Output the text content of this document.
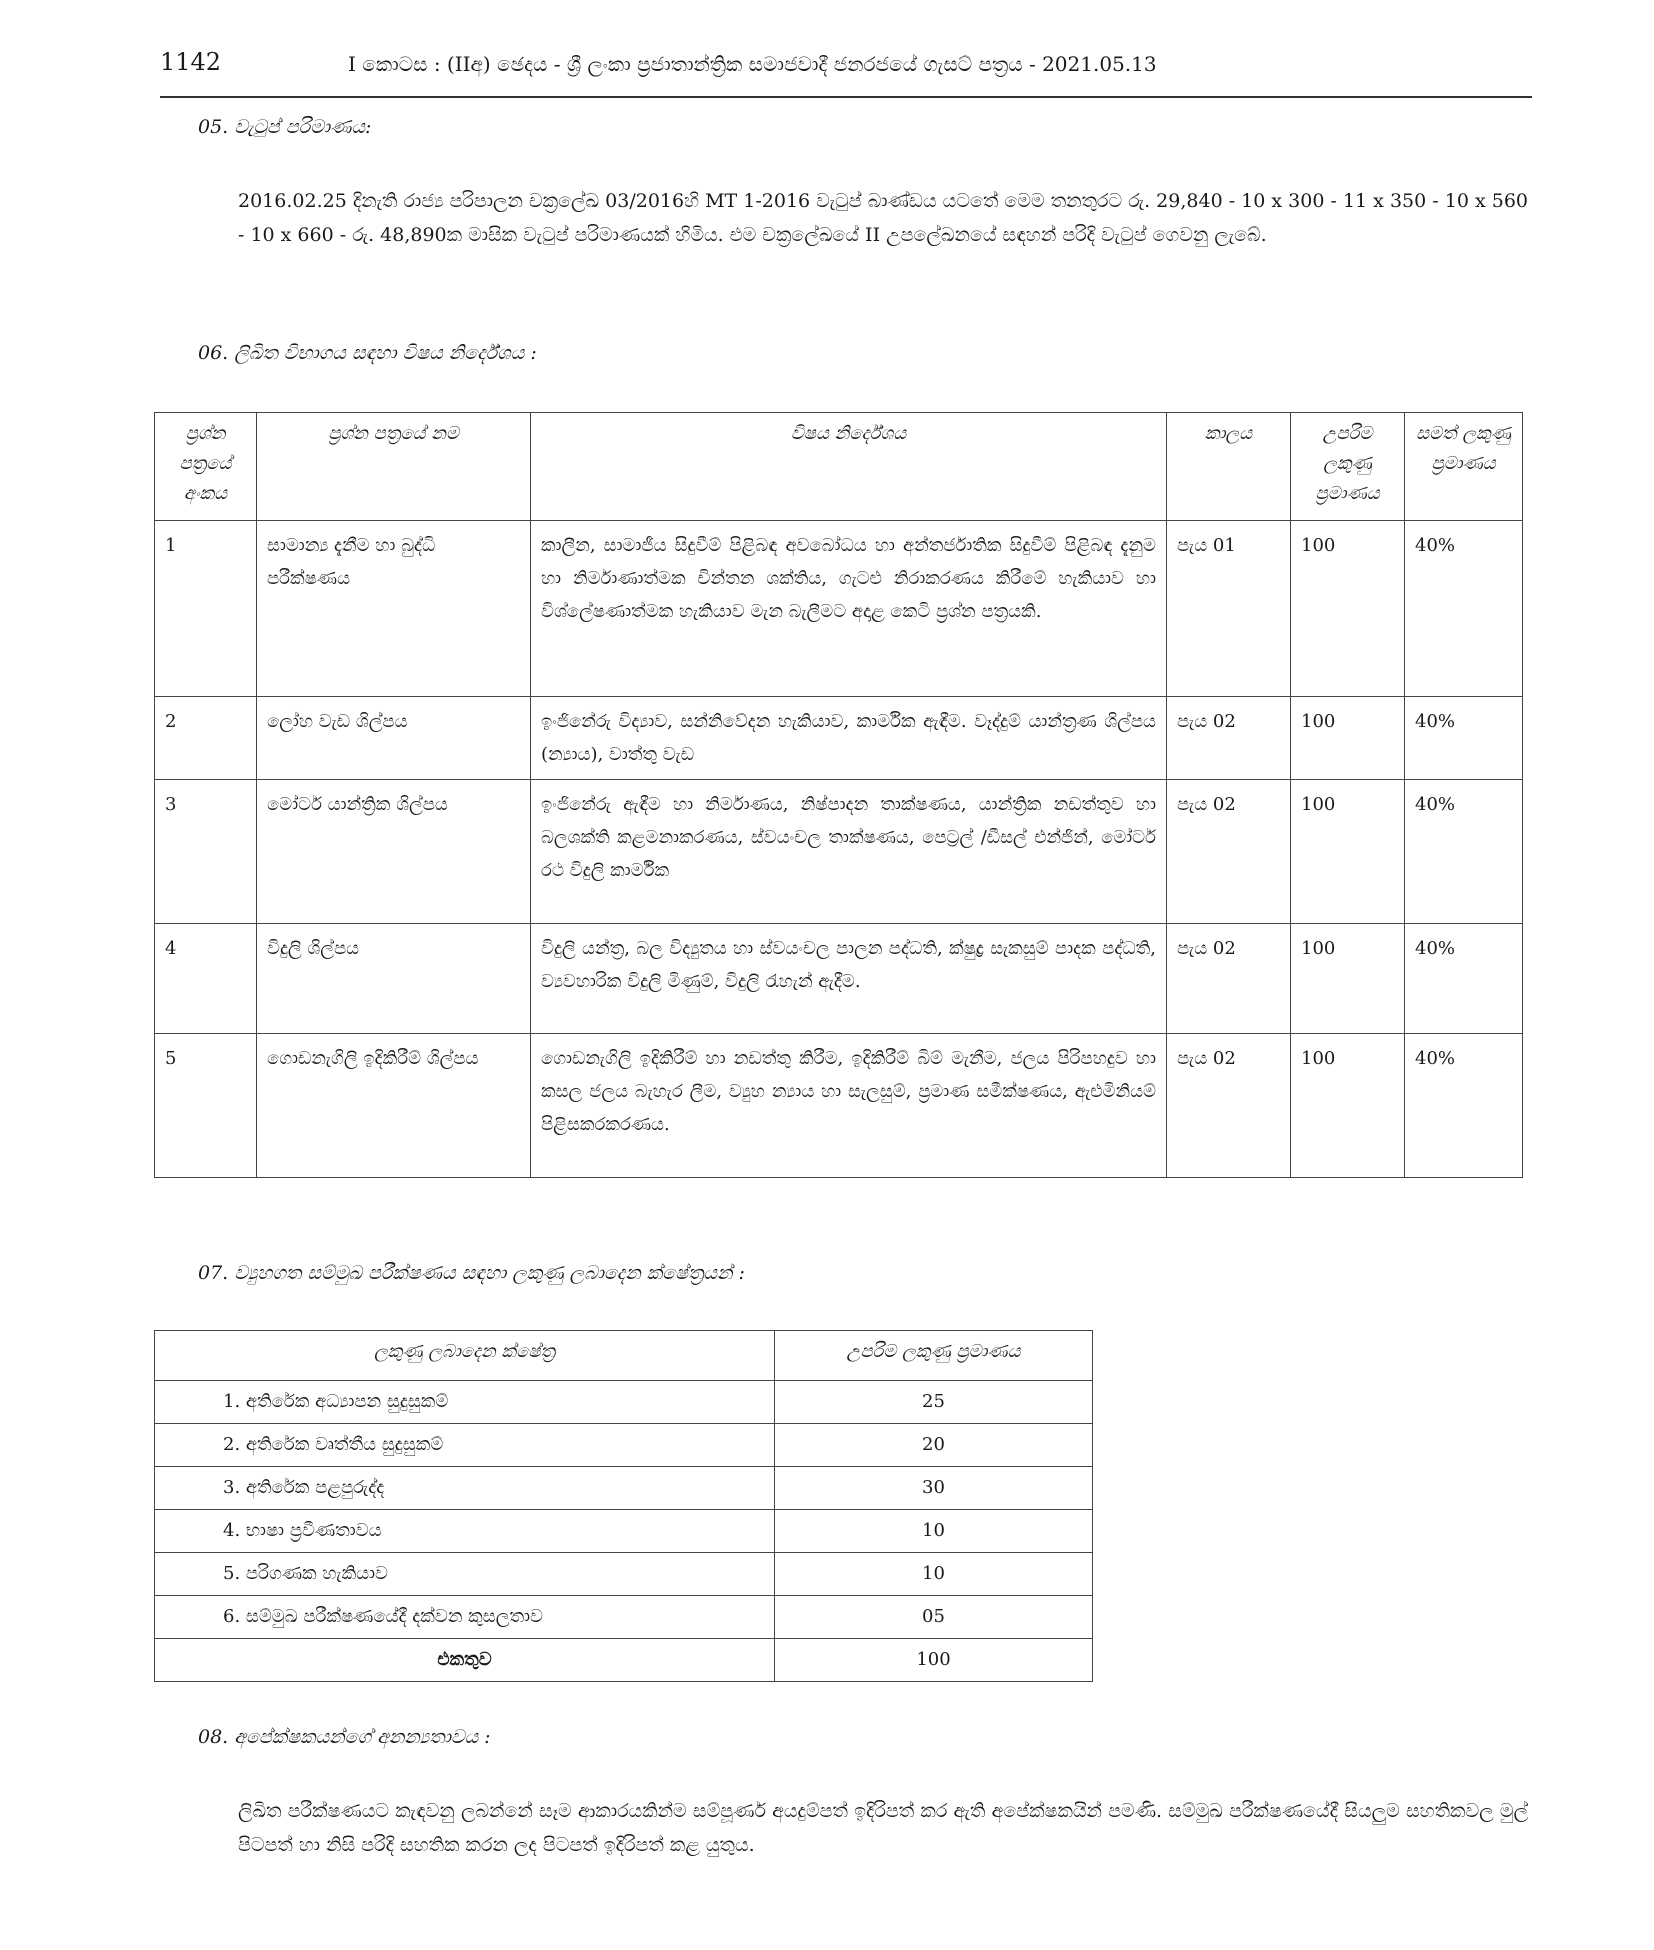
1142	I කොටස : (IIඅ) ඡෙදය - ශ්‍රී ලංකා ප්‍රජාතාන්ත්‍රික සමාජවාදී ජනරජයේ ගැසට් පත්‍රය - 2021.05.13
05. වැටුප් පරිමාණය:
2016.02.25 දිනැති රාජ්‍ය පරිපාලන චක්‍රලේඛ 03/2016හි MT 1-2016 වැටුප් බාණ්ඩය යටතේ මෙම තනතුරට රු. 29,840 - 10 x 300 - 11 x 350 - 10 x 560 - 10 x 660 - රු. 48,890ක මාසික වැටුප් පරිමාණයක් හිමිය. එම චක්‍රලේඛයේ II උපලේඛනයේ සඳහන් පරිදි වැටුප් ගෙවනු ලැබේ.
06. ලිඛිත විභාගය සඳහා විෂය නිර්දේශය :
ප්‍රශ්න පත්‍රයේ අංකය	ප්‍රශ්න පත්‍රයේ නම	විෂය නිර්දේශය	කාලය	උපරිම ලකුණු ප්‍රමාණය	සමත් ලකුණු ප්‍රමාණය
1	සාමාන්‍ය දැනීම හා බුද්ධි පරීක්ෂණය	කාලීන, සාමාජීය සිදුවීම් පිළිබඳ අවබෝධය හා අන්තර්ජාතික සිදුවීම් පිළිබඳ දැනුම හා නිර්මාණාත්මක චින්තන ශක්තිය, ගැටළු නිරාකරණය කිරීමේ හැකියාව හා විශ්ලේෂණාත්මක හැකියාව මැන බැලීමට අදාළ කෙටි ප්‍රශ්න පත්‍රයකි.	පැය 01	100	40%
2	ලෝහ වැඩ ශිල්පය	ඉංජිනේරු විද්‍යාව, සන්නිවේදන හැකියාව, කාර්මික ඇඳීම. වෑද්දුම් යාන්ත්‍රණ ශිල්පය (න්‍යාය), වාත්තු වැඩ	පැය 02	100	40%
3	මෝටර් යාන්ත්‍රික ශිල්පය	ඉංජිනේරු ඇඳීම හා නිර්මාණය, නිෂ්පාදන තාක්ෂණය, යාන්ත්‍රික නඩත්තුව හා බලශක්ති කළමනාකරණය, ස්වයංචල තාක්ෂණය, පෙට්‍රල් /ඩීසල් එන්ජින්, මෝටර් රථ විදුලි කාර්මික	පැය 02	100	40%
4	විදුලි ශිල්පය	විදුලි යන්ත්‍ර, බල විද්‍යුතය හා ස්වයංචල පාලන පද්ධති, ක්ෂුද්‍ර සැකසුම් පාදක පද්ධති, ව්‍යවහාරික විදුලි මිණුම්, විදුලි රැහැන් ඇදීම.	පැය 02	100	40%
5	ගොඩනැගිලි ඉදිකිරීම් ශිල්පය	ගොඩනැගිලි ඉදිකිරීම් හා නඩත්තු කිරීම, ඉදිකිරීම් බිම් මැනීම, ජලය පිරිපහදුව හා කසල ජලය බැහැර ලීම, ව්‍යුහ න්‍යාය හා සැලසුම්, ප්‍රමාණ සමීක්ෂණය, ඇළුමිනියම් පිළිසකරකරණය.	පැය 02	100	40%
07. ව්‍යුහගත සම්මුඛ පරීක්ෂණය සඳහා ලකුණු ලබාදෙන ක්ෂේත්‍රයන් :
ලකුණු ලබාදෙන ක්ෂේත්‍ර	උපරිම ලකුණු ප්‍රමාණය
1. අතිරේක අධ්‍යාපන සුදුසුකම්	25
2. අතිරේක වෘත්තීය සුදුසුකම්	20
3. අතිරේක පළපුරුද්ද	30
4. භාෂා ප්‍රවීණතාවය	10
5. පරිගණක හැකියාව	10
6. සම්මුඛ පරීක්ෂණයේදී දක්වන කුසලතාව	05
එකතුව	100
08. අපේක්ෂකයන්ගේ අනන්‍යතාවය :
ලිඛිත පරීක්ෂණයට කැඳවනු ලබන්නේ සෑම ආකාරයකින්ම සම්පූර්ණ අයදුම්පත් ඉදිරිපත් කර ඇති අපේක්ෂකයින් පමණි. සම්මුඛ පරීක්ෂණයේදී සියලුම සහතිකවල මුල් පිටපත් හා නිසි පරිදි සහතික කරන ලද පිටපත් ඉදිරිපත් කළ යුතුය.
